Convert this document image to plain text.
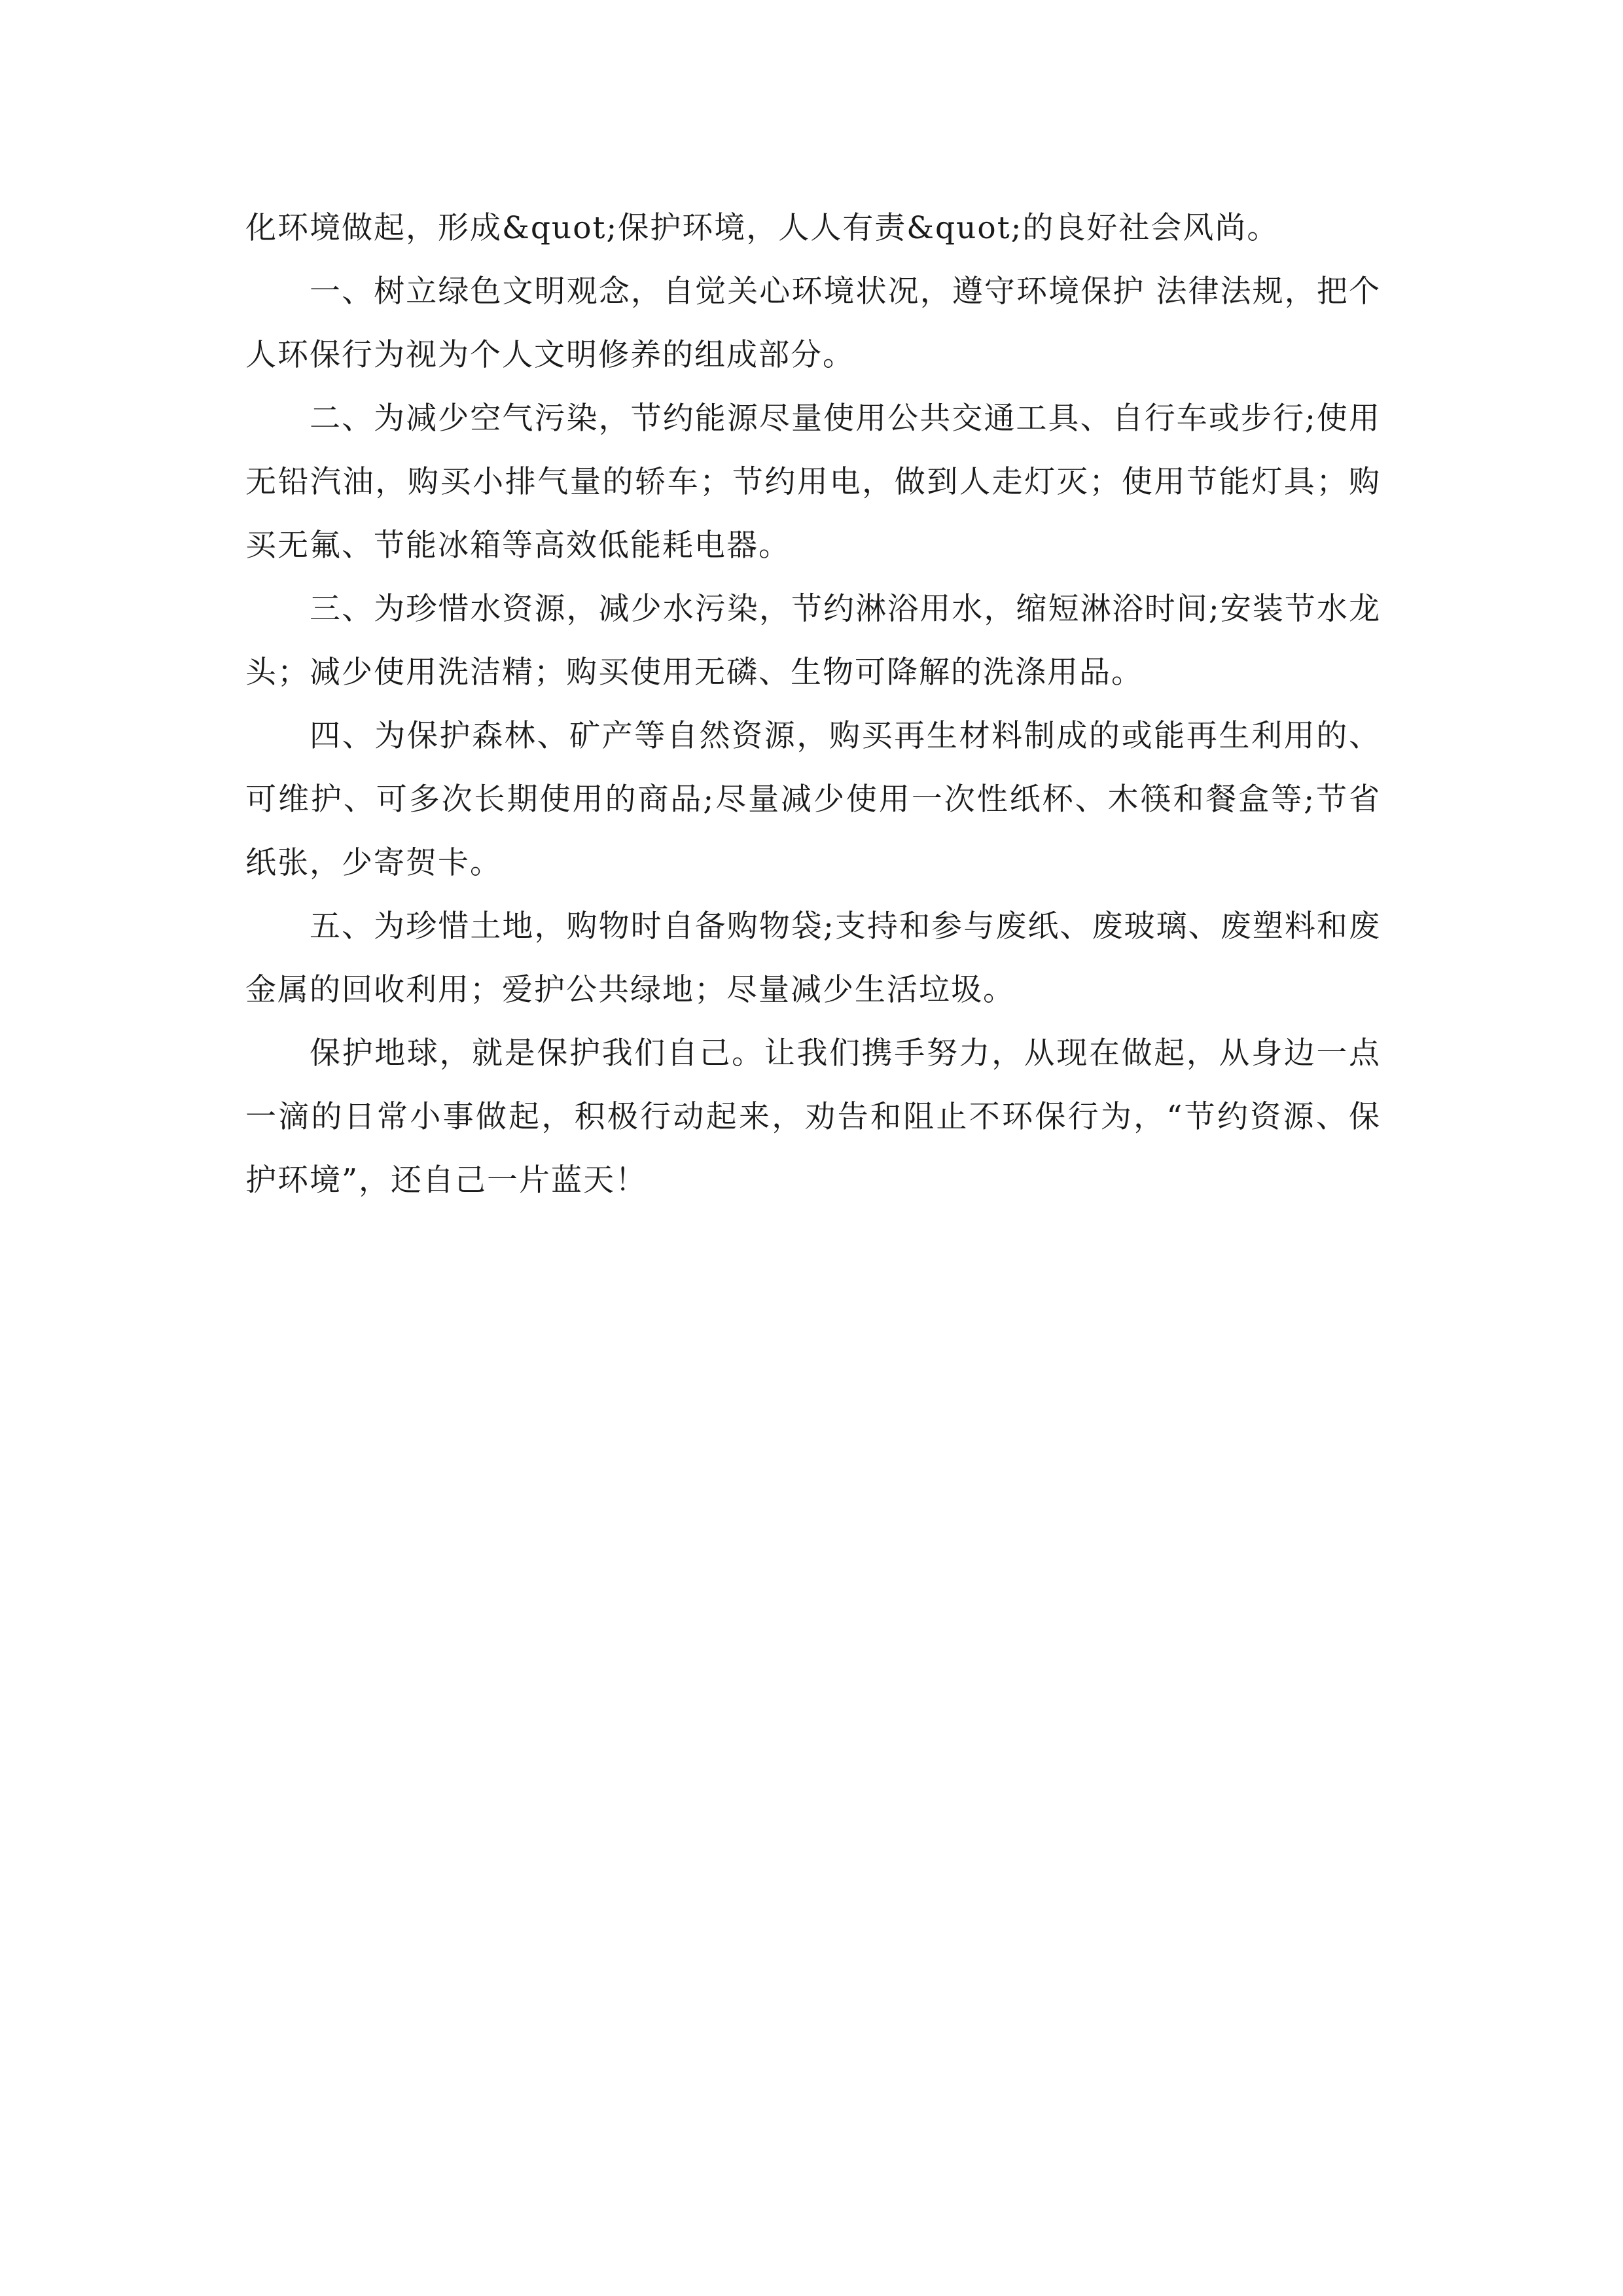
化环境做起，形成&quot;保护环境，人人有责&quot;的良好社会风尚。

一、树立绿色文明观念，自觉关心环境状况，遵守环境保护 法律法规，把个人环保行为视为个人文明修养的组成部分。

二、为减少空气污染，节约能源尽量使用公共交通工具、自行车或步行;使用无铅汽油，购买小排气量的轿车；节约用电，做到人走灯灭；使用节能灯具；购买无氟、节能冰箱等高效低能耗电器。

三、为珍惜水资源，减少水污染，节约淋浴用水，缩短淋浴时间;安装节水龙头；减少使用洗洁精；购买使用无磷、生物可降解的洗涤用品。

四、为保护森林、矿产等自然资源，购买再生材料制成的或能再生利用的、可维护、可多次长期使用的商品;尽量减少使用一次性纸杯、木筷和餐盒等;节省纸张，少寄贺卡。

五、为珍惜土地，购物时自备购物袋;支持和参与废纸、废玻璃、废塑料和废金属的回收利用；爱护公共绿地；尽量减少生活垃圾。

保护地球，就是保护我们自己。让我们携手努力，从现在做起，从身边一点一滴的日常小事做起，积极行动起来，劝告和阻止不环保行为，“节约资源、保护环境”，还自己一片蓝天！
